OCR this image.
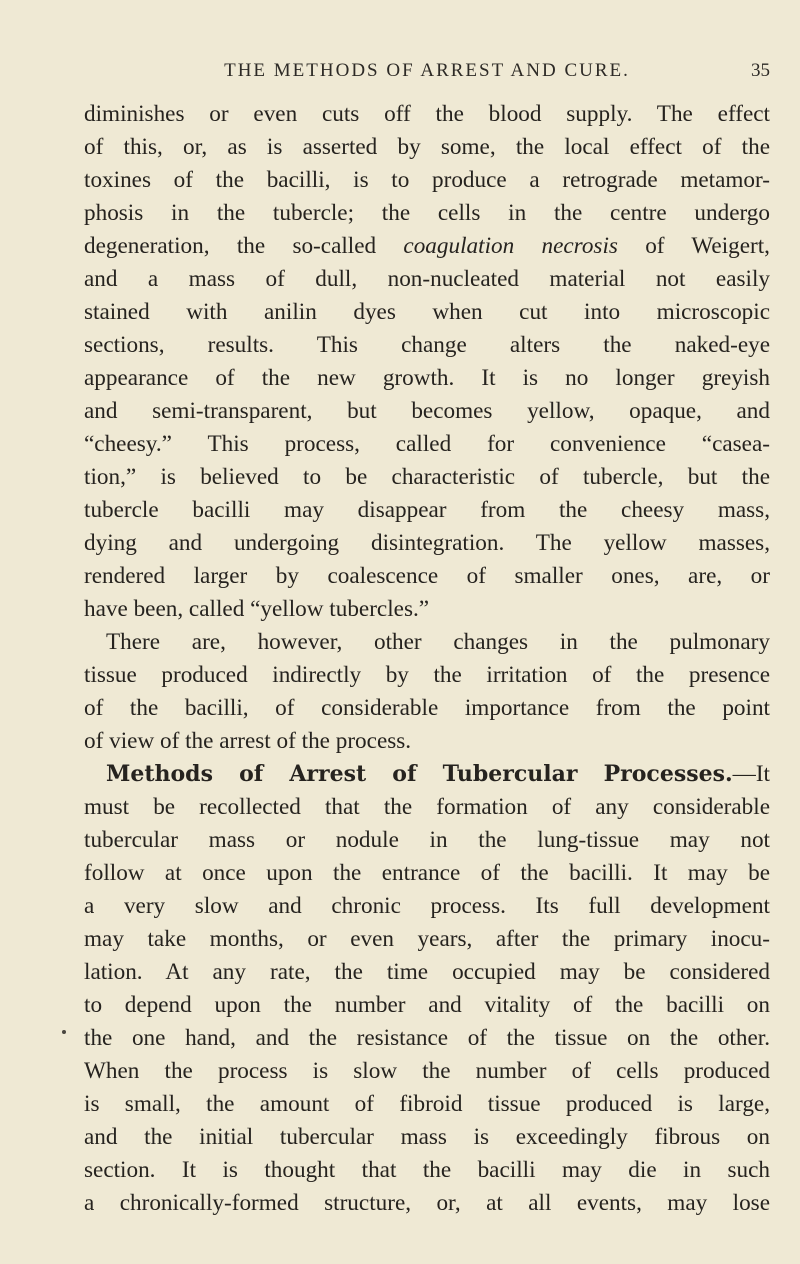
THE METHODS OF ARREST AND CURE.	35
diminishes or even cuts off the blood supply. The effect
of this, or, as is asserted by some, the local effect of the
toxines of the bacilli, is to produce a retrograde metamor-
phosis in the tubercle; the cells in the centre undergo
degeneration, the so-called coagulation necrosis of Weigert,
and a mass of dull, non-nucleated material not easily
stained with anilin dyes when cut into microscopic
sections, results. This change alters the naked-eye
appearance of the new growth. It is no longer greyish
and semi-transparent, but becomes yellow, opaque, and
“cheesy.” This process, called for convenience “casea-
tion,” is believed to be characteristic of tubercle, but the
tubercle bacilli may disappear from the cheesy mass,
dying and undergoing disintegration. The yellow masses,
rendered larger by coalescence of smaller ones, are, or
have been, called “yellow tubercles.”
There are, however, other changes in the pulmonary
tissue produced indirectly by the irritation of the presence
of the bacilli, of considerable importance from the point
of view of the arrest of the process.
Methods of Arrest of Tubercular Processes.—It
must be recollected that the formation of any considerable
tubercular mass or nodule in the lung-tissue may not
follow at once upon the entrance of the bacilli. It may be
a very slow and chronic process. Its full development
may take months, or even years, after the primary inocu-
lation. At any rate, the time occupied may be considered
to depend upon the number and vitality of the bacilli on
the one hand, and the resistance of the tissue on the other.
When the process is slow the number of cells produced
is small, the amount of fibroid tissue produced is large,
and the initial tubercular mass is exceedingly fibrous on
section. It is thought that the bacilli may die in such
a chronically-formed structure, or, at all events, may lose
